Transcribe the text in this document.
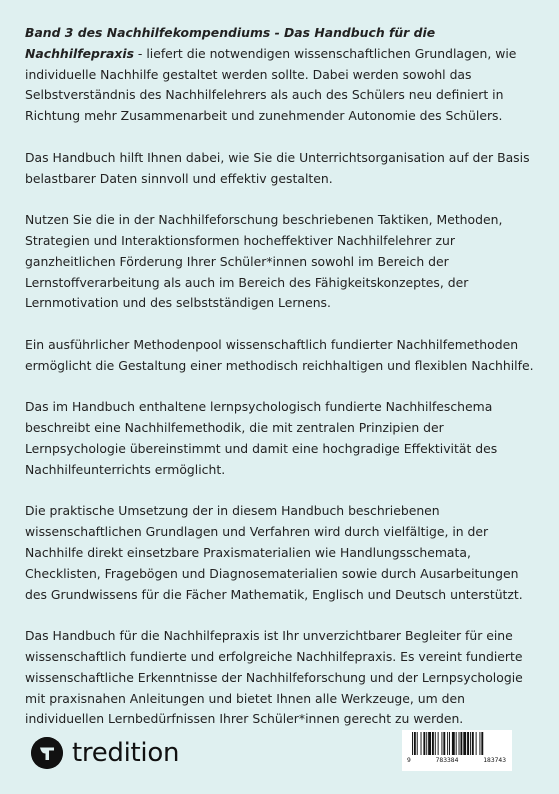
Band 3 des Nachhilfekompendiums - Das Handbuch für die Nachhilfepraxis - liefert die notwendigen wissenschaftlichen Grundlagen, wie individuelle Nachhilfe gestaltet werden sollte. Dabei werden sowohl das Selbstverständnis des Nachhilfelehrers als auch des Schülers neu definiert in Richtung mehr Zusammenarbeit und zunehmender Autonomie des Schülers.

Das Handbuch hilft Ihnen dabei, wie Sie die Unterrichtsorganisation auf der Basis belastbarer Daten sinnvoll und effektiv gestalten.

Nutzen Sie die in der Nachhilfeforschung beschriebenen Taktiken, Methoden, Strategien und Interaktionsformen hocheffektiver Nachhilfelehrer zur ganzheitlichen Förderung Ihrer Schüler*innen sowohl im Bereich der Lernstoffverarbeitung als auch im Bereich des Fähigkeitskonzeptes, der Lernmotivation und des selbstständigen Lernens.

Ein ausführlicher Methodenpool wissenschaftlich fundierter Nachhilfemethoden ermöglicht die Gestaltung einer methodisch reichhaltigen und flexiblen Nachhilfe.

Das im Handbuch enthaltene lernpsychologisch fundierte Nachhilfeschema beschreibt eine Nachhilfemethodik, die mit zentralen Prinzipien der Lernpsychologie übereinstimmt und damit eine hochgradige Effektivität des Nachhilfeunterrichts ermöglicht.

Die praktische Umsetzung der in diesem Handbuch beschriebenen wissenschaftlichen Grundlagen und Verfahren wird durch vielfältige, in der Nachhilfe direkt einsetzbare Praxismaterialien wie Handlungsschemata, Checklisten, Fragebögen und Diagnosematerialien sowie durch Ausarbeitungen des Grundwissens für die Fächer Mathematik, Englisch und Deutsch unterstützt.

Das Handbuch für die Nachhilfepraxis ist Ihr unverzichtbarer Begleiter für eine wissenschaftlich fundierte und erfolgreiche Nachhilfepraxis. Es vereint fundierte wissenschaftliche Erkenntnisse der Nachhilfeforschung und der Lernpsychologie mit praxisnahen Anleitungen und bietet Ihnen alle Werkzeuge, um den individuellen Lernbedürfnissen Ihrer Schüler*innen gerecht zu werden.

tredition	9	783384	183743
